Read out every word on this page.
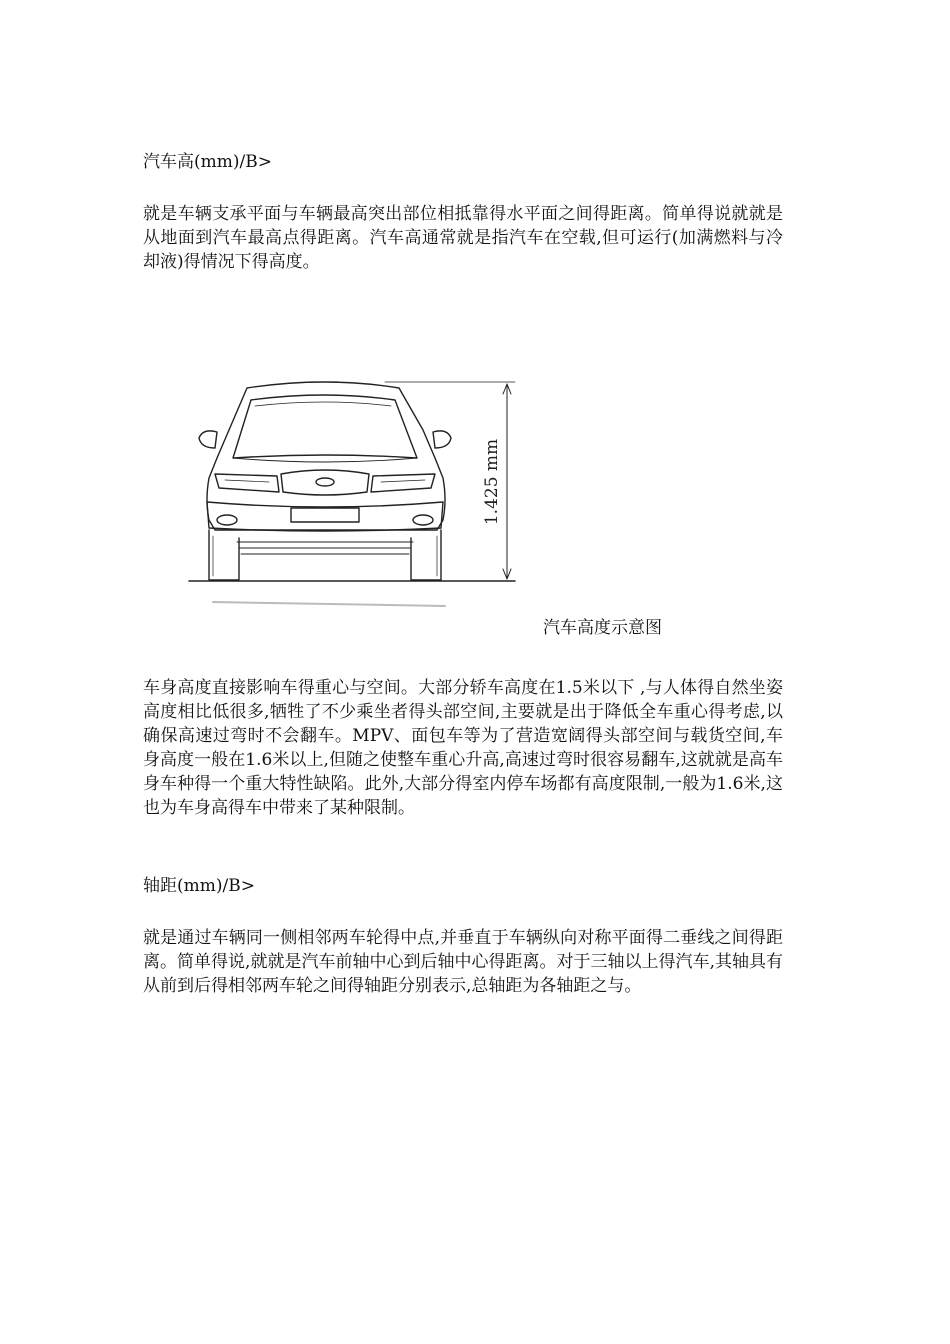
汽车高(mm)/B>
就是车辆支承平面与车辆最高突出部位相抵靠得水平面之间得距离。简单得说就就是从地面到汽车最高点得距离。汽车高通常就是指汽车在空载,但可运行(加满燃料与冷却液)得情况下得高度。
车身高度直接影响车得重心与空间。大部分轿车高度在1.5米以下 ,与人体得自然坐姿高度相比低很多,牺牲了不少乘坐者得头部空间,主要就是出于降低全车重心得考虑,以确保高速过弯时不会翻车。MPV、面包车等为了营造宽阔得头部空间与载货空间,车身高度一般在1.6米以上,但随之使整车重心升高,高速过弯时很容易翻车,这就就是高车身车种得一个重大特性缺陷。此外,大部分得室内停车场都有高度限制,一般为1.6米,这也为车身高得车中带来了某种限制。
轴距(mm)/B>
就是通过车辆同一侧相邻两车轮得中点,并垂直于车辆纵向对称平面得二垂线之间得距离。简单得说,就就是汽车前轴中心到后轴中心得距离。对于三轴以上得汽车,其轴具有从前到后得相邻两车轮之间得轴距分别表示,总轴距为各轴距之与。
1.425 mm
汽车高度示意图
